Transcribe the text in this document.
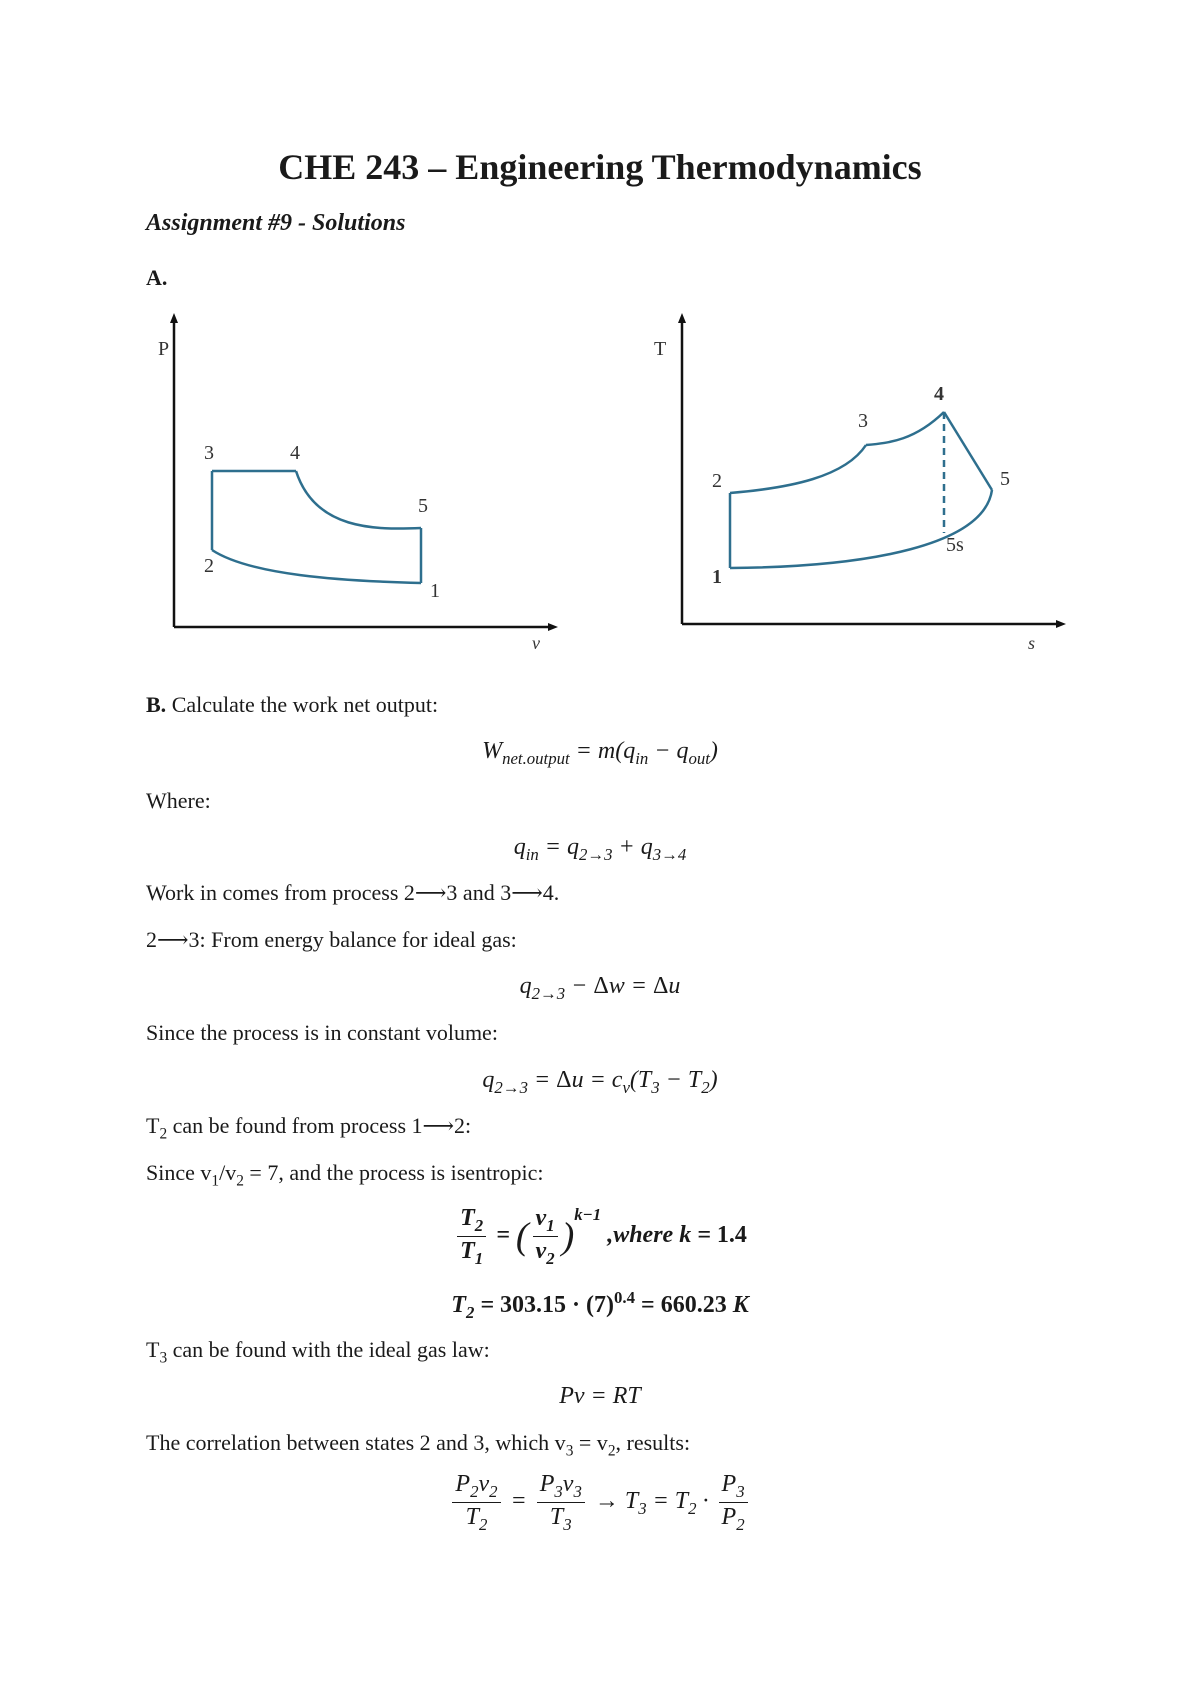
CHE 243 – Engineering Thermodynamics
Assignment #9 - Solutions
A.
P
v
3	4
5
2
1
T
s
4
3
2	5
5s
1
B. Calculate the work net output:
$W_{net.output} = m(q_{in} - q_{out})$
Where:
$q_{in} = q_{2\to 3} + q_{3\to 4}$
Work in comes from process 2⟶3 and 3⟶4.
2⟶3: From energy balance for ideal gas:
$q_{2\to 3} - \Delta w = \Delta u$
Since the process is in constant volume:
$q_{2\to 3} = \Delta u = c_v(T_3 - T_2)$
$T_2$ can be found from process 1⟶2:
Since $v_1/v_2 = 7$, and the process is isentropic:
$\frac{T_2}{T_1}$ = ( $\frac{v_1}{v_2} )^{k-1}$ ,where k = 1.4
$T_2 = 303.15 \cdot (7)^{0.4} = 660.23$ K
$T_3$ can be found with the ideal gas law:
Pv = RT
The correlation between states 2 and 3, which $v_3 = v_2$, results:
$\frac{P_2v_2}{T_2} = \frac{P_3v_3}{T_3} \to T_3 = T_2 \cdot \frac{P_3}{P_2}$
